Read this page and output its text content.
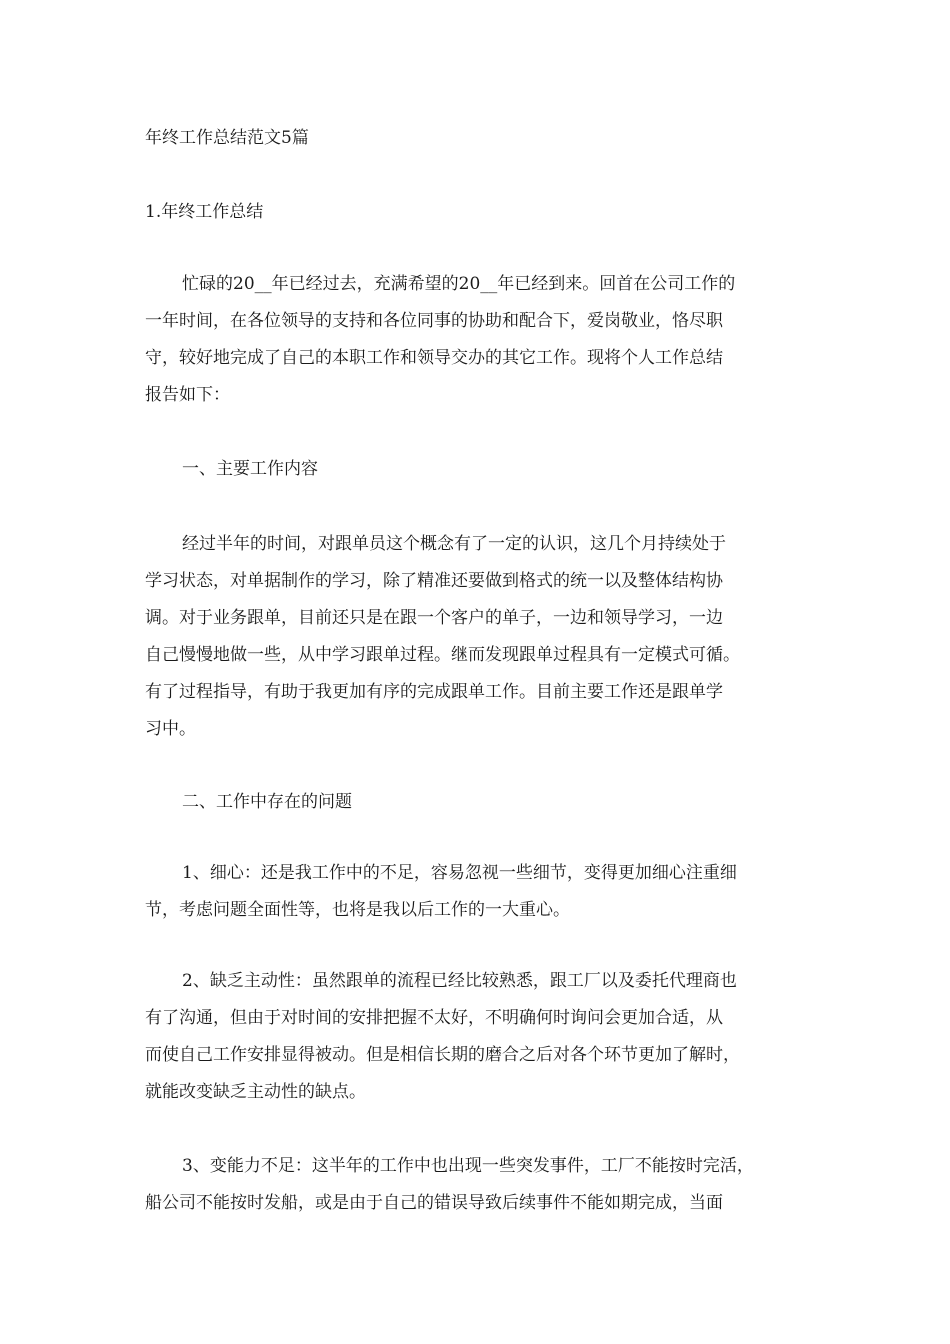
年终工作总结范文5篇
1.年终工作总结
忙碌的20__年已经过去，充满希望的20__年已经到来。回首在公司工作的
一年时间，在各位领导的支持和各位同事的协助和配合下，爱岗敬业，恪尽职
守，较好地完成了自己的本职工作和领导交办的其它工作。现将个人工作总结
报告如下：
一、主要工作内容
经过半年的时间，对跟单员这个概念有了一定的认识，这几个月持续处于
学习状态，对单据制作的学习，除了精准还要做到格式的统一以及整体结构协
调。对于业务跟单，目前还只是在跟一个客户的单子，一边和领导学习，一边
自己慢慢地做一些，从中学习跟单过程。继而发现跟单过程具有一定模式可循。
有了过程指导，有助于我更加有序的完成跟单工作。目前主要工作还是跟单学
习中。
二、工作中存在的问题
1、细心：还是我工作中的不足，容易忽视一些细节，变得更加细心注重细
节，考虑问题全面性等，也将是我以后工作的一大重心。
2、缺乏主动性：虽然跟单的流程已经比较熟悉，跟工厂以及委托代理商也
有了沟通，但由于对时间的安排把握不太好，不明确何时询问会更加合适，从
而使自己工作安排显得被动。但是相信长期的磨合之后对各个环节更加了解时，
就能改变缺乏主动性的缺点。
3、变能力不足：这半年的工作中也出现一些突发事件，工厂不能按时完活，
船公司不能按时发船，或是由于自己的错误导致后续事件不能如期完成，当面
